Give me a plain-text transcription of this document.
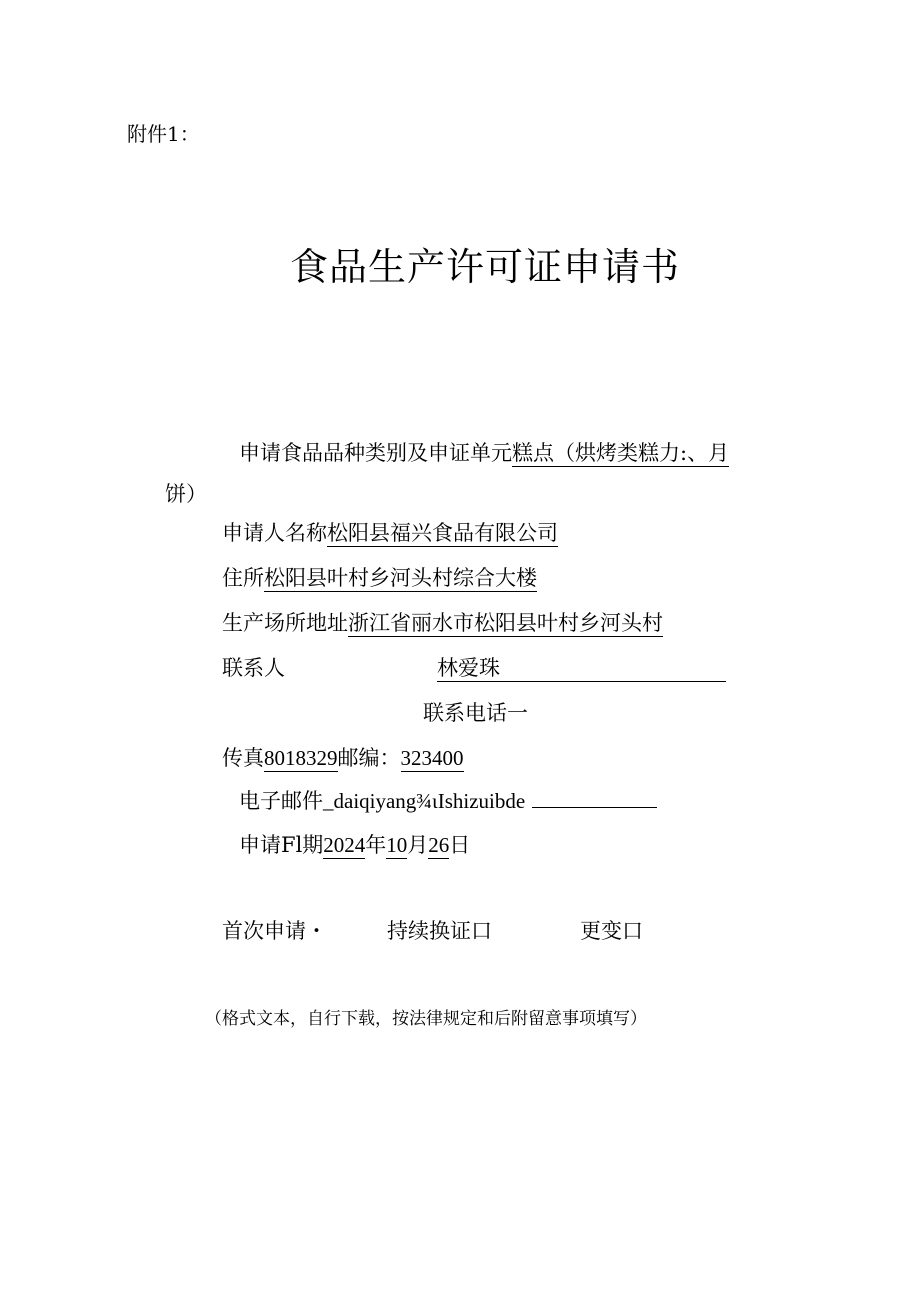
附件1：
食品生产许可证申请书
申请食品品种类别及申证单元糕点（烘烤类糕力:、月
饼）
申请人名称松阳县福兴食品有限公司
住所松阳县叶村乡河头村综合大楼
生产场所地址浙江省丽水市松阳县叶村乡河头村
联系人	林爱珠
联系电话一
传真8018329邮编：323400
电子邮件_daiqiyang¾ιIshizuibde
申请Fl期2024年10月26日
首次申请・	持续换证口	更变口
（格式文本，自行下载，按法律规定和后附留意事项填写）
